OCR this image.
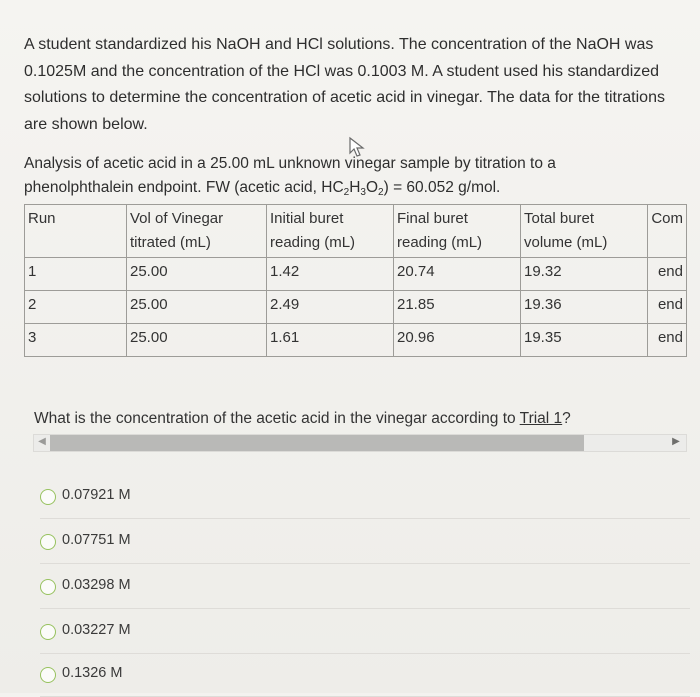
A student standardized his NaOH and HCl solutions. The concentration of the NaOH was 0.1025M and the concentration of the HCl was 0.1003 M. A student used his standardized solutions to determine the concentration of acetic acid in vinegar. The data for the titrations are shown below.

Analysis of acetic acid in a 25.00 mL unknown vinegar sample by titration to a

phenolphthalein endpoint. FW (acetic acid, $HC_2H_3O_2) = 60.052$ g/mol.

Run	Vol of Vinegar titrated (mL)	Initial buret reading (mL)	Final buret reading (mL)	Total buret volume (mL)	Com

1	25.00	1.42	20.74	19.32	end

2	25.00	2.49	21.85	19.36	end

3	25.00	1.61	20.96	19.35	end
What is the concentration of the acetic acid in the vinegar according to Trial 1?
◀	▶
0.07921 M
0.07751 M
0.03298 M
0.03227 M
0.1326 M
